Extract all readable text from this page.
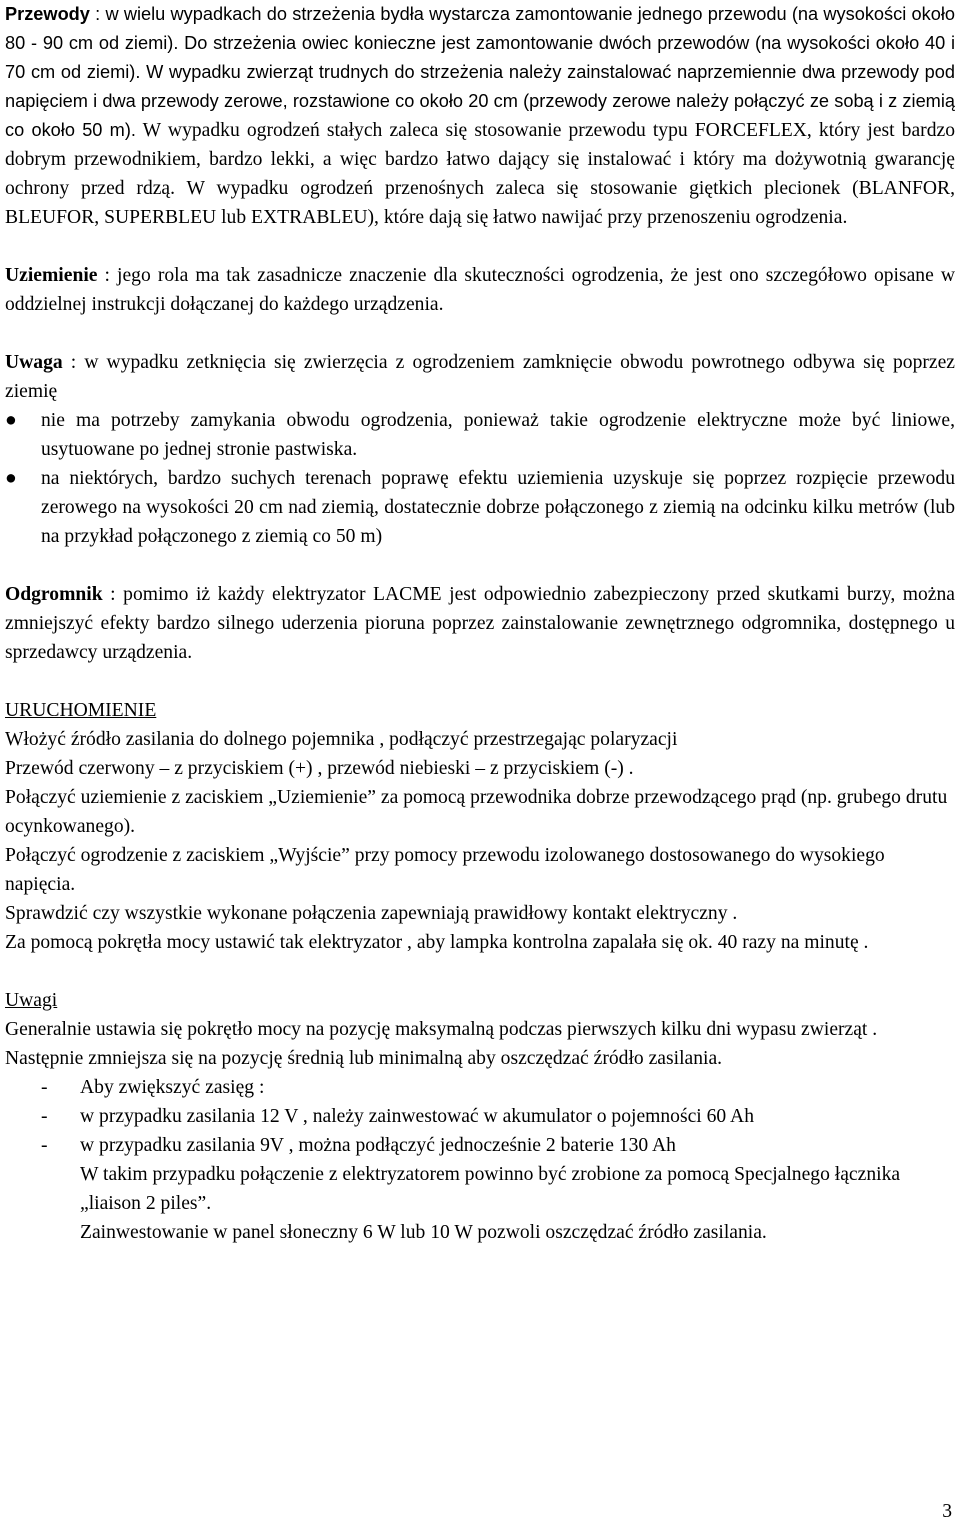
Przewody : w wielu wypadkach do strzeżenia bydła wystarcza zamontowanie jednego przewodu (na wysokości około 80 - 90 cm od ziemi). Do strzeżenia owiec konieczne jest zamontowanie dwóch przewodów (na wysokości około 40 i 70 cm od ziemi). W wypadku zwierząt trudnych do strzeżenia należy zainstalować naprzemiennie dwa przewody pod napięciem i dwa przewody zerowe, rozstawione co około 20 cm (przewody zerowe należy połączyć ze sobą i z ziemią co około 50 m). W wypadku ogrodzeń stałych zaleca się stosowanie przewodu typu FORCEFLEX, który jest bardzo dobrym przewodnikiem, bardzo lekki, a więc bardzo łatwo dający się instalować i który ma dożywotnią gwarancję ochrony przed rdzą. W wypadku ogrodzeń przenośnych zaleca się stosowanie giętkich plecionek (BLANFOR, BLEUFOR, SUPERBLEU lub EXTRABLEU), które dają się łatwo nawijać przy przenoszeniu ogrodzenia.

Uziemienie : jego rola ma tak zasadnicze znaczenie dla skuteczności ogrodzenia, że jest ono szczegółowo opisane w oddzielnej instrukcji dołączanej do każdego urządzenia.

Uwaga : w wypadku zetknięcia się zwierzęcia z ogrodzeniem zamknięcie obwodu powrotnego odbywa się poprzez ziemię

●	nie ma potrzeby zamykania obwodu ogrodzenia, ponieważ takie ogrodzenie elektryczne może być liniowe, usytuowane po jednej stronie pastwiska.
●	na niektórych, bardzo suchych terenach poprawę efektu uziemienia uzyskuje się poprzez rozpięcie przewodu zerowego na wysokości 20 cm nad ziemią, dostatecznie dobrze połączonego z ziemią na odcinku kilku metrów (lub na przykład połączonego z ziemią co 50 m)

Odgromnik : pomimo iż każdy elektryzator LACME jest odpowiednio zabezpieczony przed skutkami burzy, można zmniejszyć efekty bardzo silnego uderzenia pioruna poprzez zainstalowanie zewnętrznego odgromnika, dostępnego u sprzedawcy urządzenia.

URUCHOMIENIE

Włożyć źródło zasilania do dolnego pojemnika , podłączyć przestrzegając polaryzacji

Przewód czerwony – z przyciskiem (+) , przewód niebieski – z przyciskiem (-) .

Połączyć uziemienie z zaciskiem „Uziemienie” za pomocą przewodnika dobrze przewodzącego prąd (np. grubego drutu ocynkowanego).

Połączyć ogrodzenie z zaciskiem „Wyjście” przy pomocy przewodu izolowanego dostosowanego do wysokiego napięcia.

Sprawdzić czy wszystkie wykonane połączenia zapewniają prawidłowy kontakt elektryczny .

Za pomocą pokrętła mocy ustawić tak elektryzator , aby lampka kontrolna zapalała się ok. 40 razy na minutę .

Uwagi

Generalnie ustawia się pokrętło mocy na pozycję maksymalną podczas pierwszych kilku dni wypasu zwierząt . Następnie zmniejsza się na pozycję średnią lub minimalną aby oszczędzać źródło zasilania.

- Aby zwiększyć zasięg :
- w przypadku zasilania 12 V , należy zainwestować w akumulator o pojemności 60 Ah
- w przypadku zasilania 9V , można podłączyć jednocześnie 2 baterie 130 Ah
W takim przypadku połączenie z elektryzatorem powinno być zrobione za pomocą Specjalnego łącznika „liaison 2 piles”.
Zainwestowanie w panel słoneczny 6 W lub 10 W pozwoli oszczędzać źródło zasilania.
3
